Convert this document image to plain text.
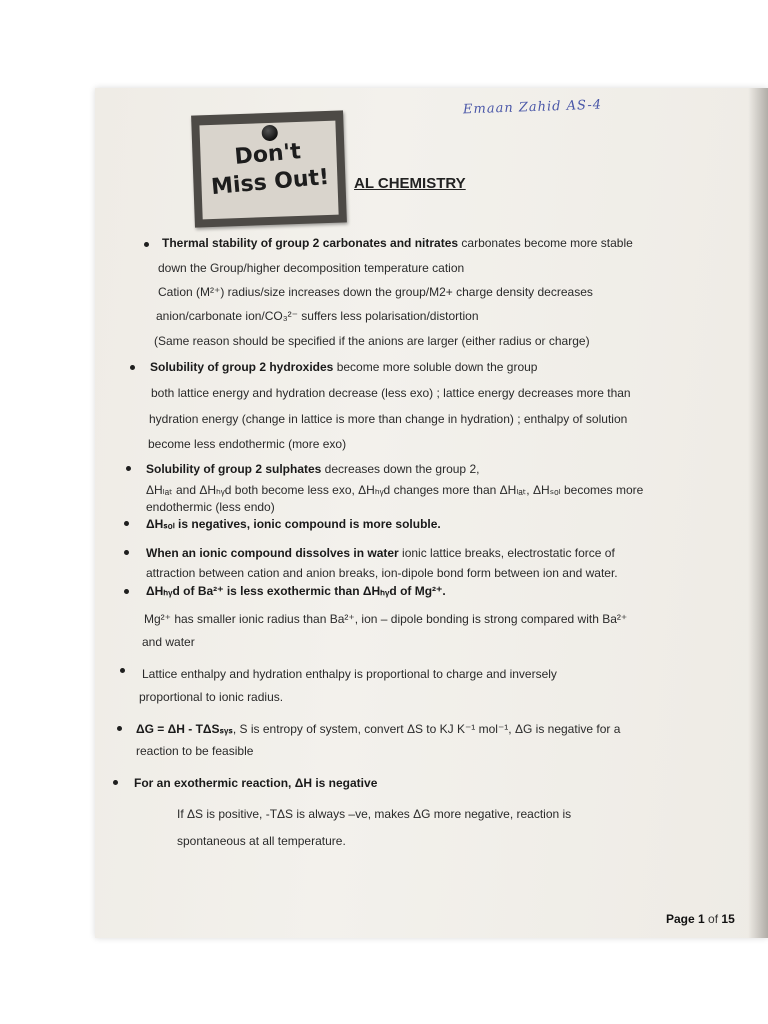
Emaan Zahid AS-4
Don't
Miss Out!	AL CHEMISTRY
Thermal stability of group 2 carbonates and nitrates carbonates become more stable
down the Group/higher decomposition temperature cation
Cation (M²⁺) radius/size increases down the group/M2+ charge density decreases
anion/carbonate ion/CO₃²⁻ suffers less polarisation/distortion
(Same reason should be specified if the anions are larger (either radius or charge)
Solubility of group 2 hydroxides become more soluble down the group
both lattice energy and hydration decrease (less exo) ; lattice energy decreases more than
hydration energy (change in lattice is more than change in hydration) ; enthalpy of solution
become less endothermic (more exo)
Solubility of group 2 sulphates decreases down the group 2,
ΔHₗₐₜ and ΔHₕᵧd both become less exo, ΔHₕᵧd changes more than ΔHₗₐₜ, ΔHₛₒₗ becomes more
endothermic (less endo)
ΔHₛₒₗ is negatives, ionic compound is more soluble.
When an ionic compound dissolves in water ionic lattice breaks, electrostatic force of
attraction between cation and anion breaks, ion-dipole bond form between ion and water.
ΔHₕᵧd of Ba²⁺ is less exothermic than ΔHₕᵧd of Mg²⁺.
Mg²⁺ has smaller ionic radius than Ba²⁺, ion – dipole bonding is strong compared with Ba²⁺
and water
Lattice enthalpy and hydration enthalpy is proportional to charge and inversely
proportional to ionic radius.
ΔG = ΔH - TΔSₛᵧₛ, S is entropy of system, convert ΔS to KJ K⁻¹ mol⁻¹, ΔG is negative for a
reaction to be feasible
For an exothermic reaction, ΔH is negative
If ΔS is positive, -TΔS is always –ve, makes ΔG more negative, reaction is
spontaneous at all temperature.
Page 1 of 15
